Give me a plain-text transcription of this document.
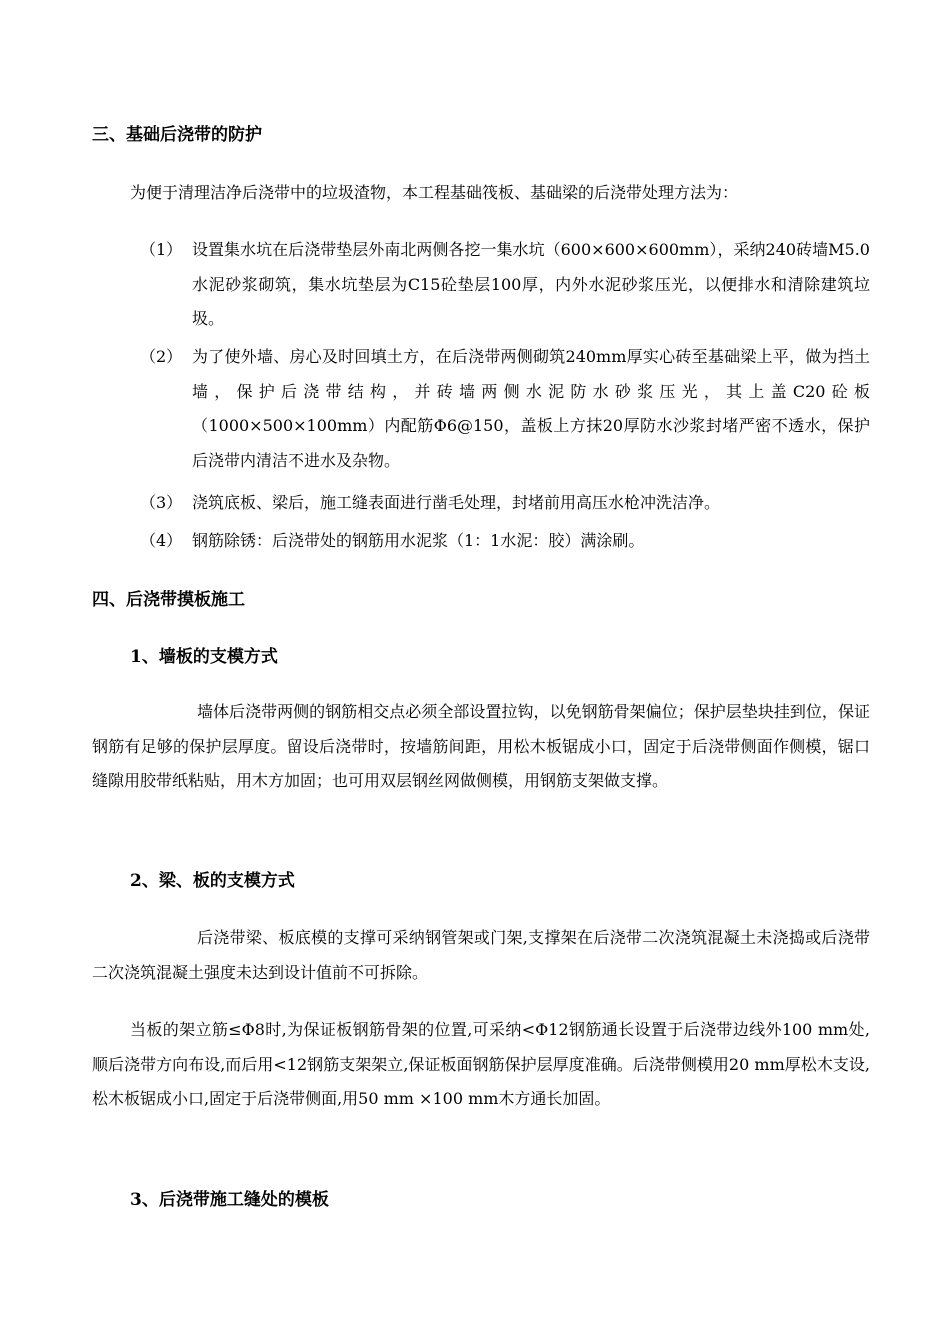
三、基础后浇带的防护
为便于清理洁净后浇带中的垃圾渣物，本工程基础筏板、基础梁的后浇带处理方法为：
（1） 设置集水坑在后浇带垫层外南北两侧各挖一集水坑（600×600×600mm），采纳240砖墙M5.0水泥砂浆砌筑，集水坑垫层为C15砼垫层100厚，内外水泥砂浆压光，以便排水和清除建筑垃圾。
（2） 为了使外墙、房心及时回填土方，在后浇带两侧砌筑240mm厚实心砖至基础梁上平，做为挡土墙，保护后浇带结构，并砖墙两侧水泥防水砂浆压光，其上盖C20砼板（1000×500×100mm）内配筋Φ6@150，盖板上方抹20厚防水沙浆封堵严密不透水，保护后浇带内清洁不进水及杂物。
（3） 浇筑底板、梁后，施工缝表面进行凿毛处理，封堵前用高压水枪冲洗洁净。
（4） 钢筋除锈：后浇带处的钢筋用水泥浆（1：1水泥：胶）满涂刷。
四、后浇带摸板施工
1、墙板的支模方式
墙体后浇带两侧的钢筋相交点必须全部设置拉钩，以免钢筋骨架偏位；保护层垫块挂到位，保证钢筋有足够的保护层厚度。留设后浇带时，按墙筋间距，用松木板锯成小口，固定于后浇带侧面作侧模，锯口缝隙用胶带纸粘贴，用木方加固；也可用双层钢丝网做侧模，用钢筋支架做支撑。
2、梁、板的支模方式
后浇带梁、板底模的支撑可采纳钢管架或门架,支撑架在后浇带二次浇筑混凝土未浇捣或后浇带二次浇筑混凝土强度未达到设计值前不可拆除。
当板的架立筋≤Φ8时,为保证板钢筋骨架的位置,可采纳<Φ12钢筋通长设置于后浇带边线外100 mm处,顺后浇带方向布设,而后用<12钢筋支架架立,保证板面钢筋保护层厚度准确。后浇带侧模用20 mm厚松木支设,松木板锯成小口,固定于后浇带侧面,用50 mm ×100 mm木方通长加固。
3、后浇带施工缝处的模板
